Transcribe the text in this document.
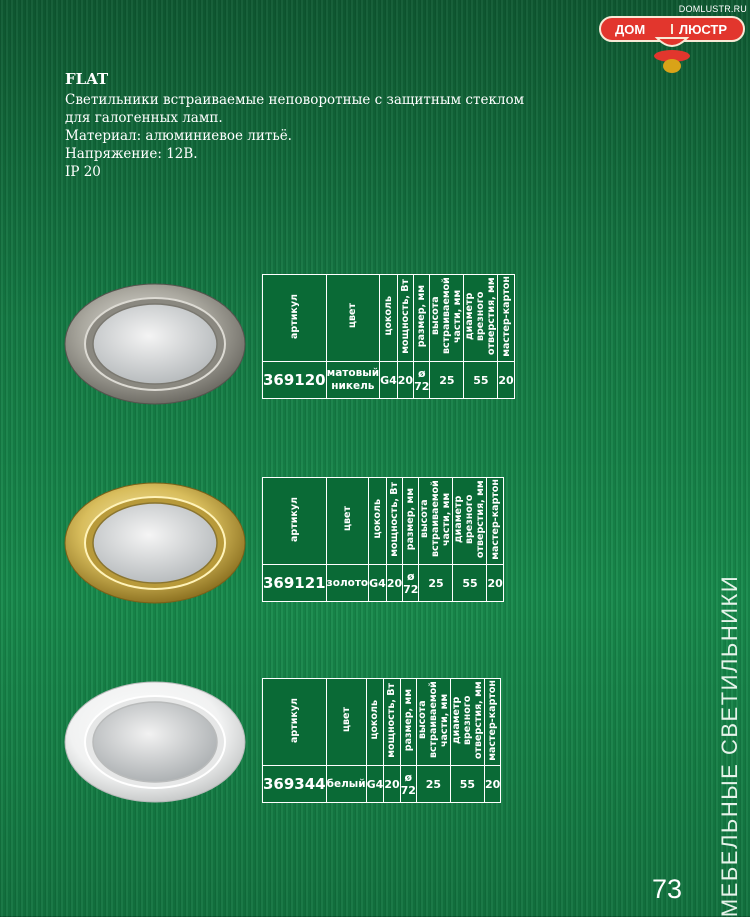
DOMLUSTR.RU
ДОМ	ЛЮСТР
FLAT
Светильники встраиваемые неповоротные с защитным стеклом
для галогенных ламп.
Материал: алюминиевое литьё.
Напряжение: 12В.
IP 20
артикул	цвет	цоколь	мощность, Вт	размер, мм	высота встраиваемой части, мм	диаметр врезного отверстия, мм	мастер-картон
369120	матовый никель	G4	20	ø 72	25	55	20
артикул	цвет	цоколь	мощность, Вт	размер, мм	высота встраиваемой части, мм	диаметр врезного отверстия, мм	мастер-картон
369121	золото	G4	20	ø 72	25	55	20
артикул	цвет	цоколь	мощность, Вт	размер, мм	высота встраиваемой части, мм	диаметр врезного отверстия, мм	мастер-картон
369344	белый	G4	20	ø 72	25	55	20	МЕБЕЛЬНЫЕ СВЕТИЛЬНИКИ
73
